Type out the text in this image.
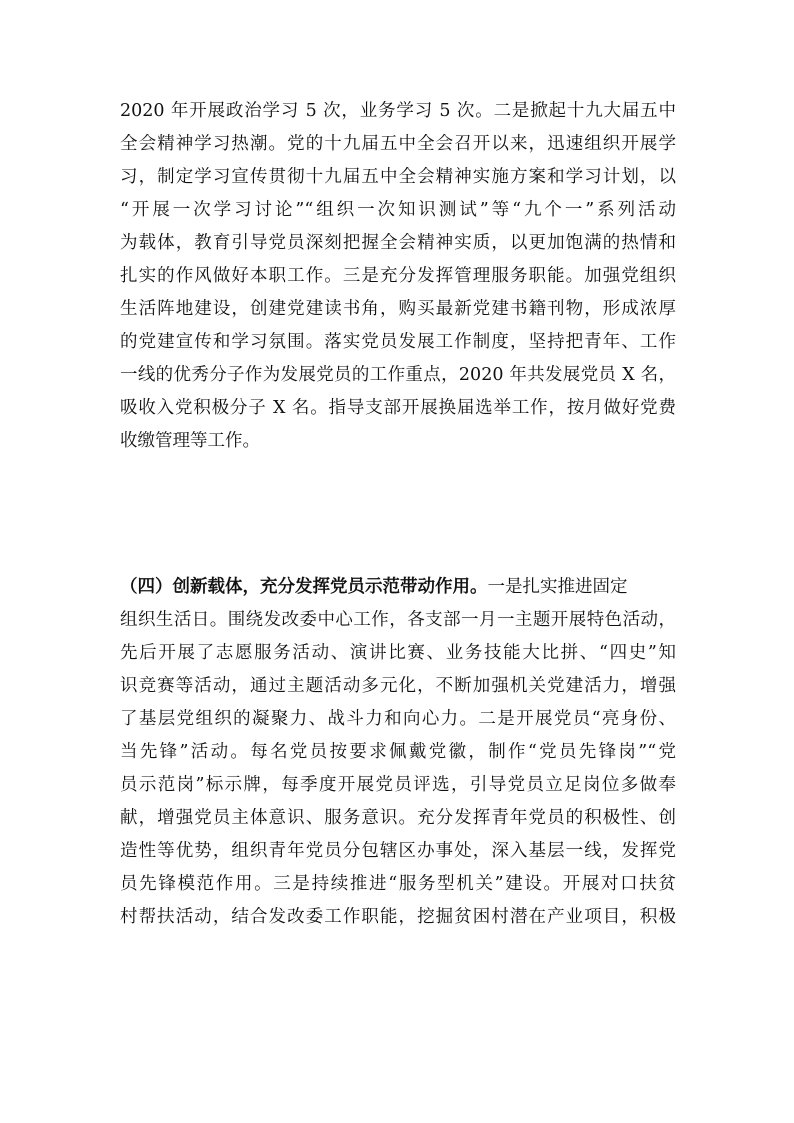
2020 年开展政治学习 5 次，业务学习 5 次。二是掀起十九大届五中
全会精神学习热潮。党的十九届五中全会召开以来，迅速组织开展学
习，制定学习宣传贯彻十九届五中全会精神实施方案和学习计划，以
“开展一次学习讨论”“组织一次知识测试”等“九个一”系列活动
为载体，教育引导党员深刻把握全会精神实质，以更加饱满的热情和
扎实的作风做好本职工作。三是充分发挥管理服务职能。加强党组织
生活阵地建设，创建党建读书角，购买最新党建书籍刊物，形成浓厚
的党建宣传和学习氛围。落实党员发展工作制度，坚持把青年、工作
一线的优秀分子作为发展党员的工作重点，2020 年共发展党员 X 名，
吸收入党积极分子 X 名。指导支部开展换届选举工作，按月做好党费
收缴管理等工作。
（四）创新载体，充分发挥党员示范带动作用。一是扎实推进固定
组织生活日。围绕发改委中心工作，各支部一月一主题开展特色活动，
先后开展了志愿服务活动、演讲比赛、业务技能大比拼、“四史”知
识竞赛等活动，通过主题活动多元化，不断加强机关党建活力，增强
了基层党组织的凝聚力、战斗力和向心力。二是开展党员“亮身份、
当先锋”活动。每名党员按要求佩戴党徽，制作“党员先锋岗”“党
员示范岗”标示牌，每季度开展党员评选，引导党员立足岗位多做奉
献，增强党员主体意识、服务意识。充分发挥青年党员的积极性、创
造性等优势，组织青年党员分包辖区办事处，深入基层一线，发挥党
员先锋模范作用。三是持续推进“服务型机关”建设。开展对口扶贫
村帮扶活动，结合发改委工作职能，挖掘贫困村潜在产业项目，积极
